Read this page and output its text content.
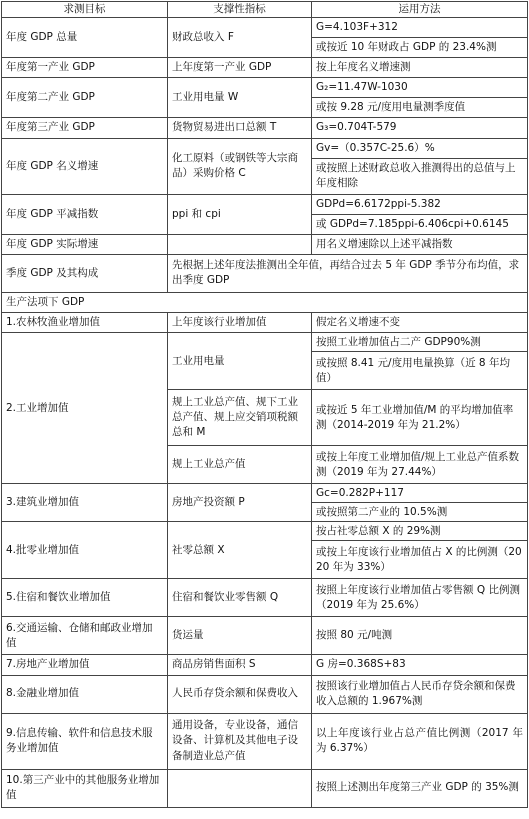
求测目标	支撑性指标	运用方法
年度 GDP 总量	财政总收入 F	G=4.103F+312
		或按近 10 年财政占 GDP 的 23.4%测
年度第一产业 GDP	上年度第一产业 GDP	按上年度名义增速测
年度第二产业 GDP	工业用电量 W	G₂=11.47W-1030
		或按 9.28 元/度用电量测季度值
年度第三产业 GDP	货物贸易进出口总额 T	G₃=0.704T-579
年度 GDP 名义增速	化工原料（或钢铁等大宗商品）采购价格 C	Gv=（0.357C-25.6）%
		或按照上述财政总收入推测得出的总值与上年度相除
年度 GDP 平减指数	ppi 和 cpi	GDPd=6.6172ppi-5.382
		或 GDPd=7.185ppi-6.406cpi+0.6145
年度 GDP 实际增速		用名义增速除以上述平减指数
季度 GDP 及其构成	先根据上述年度法推测出全年值，再结合过去 5 年 GDP 季节分布均值，求出季度 GDP	
生产法项下 GDP		
1.农林牧渔业增加值	上年度该行业增加值	假定名义增速不变
2.工业增加值	工业用电量	按照工业增加值占二产 GDP90%测
		或按照 8.41 元/度用电量换算（近 8 年均值）
	规上工业总产值、规下工业总产值、规上应交销项税额总和 M	或按近 5 年工业增加值/M 的平均增加值率测（2014-2019 年为 21.2%）
	规上工业总产值	或按上年度工业增加值/规上工业总产值系数测（2019 年为 27.44%）
3.建筑业增加值	房地产投资额 P	Gc=0.282P+117
		或按照第二产业的 10.5%测
4.批零业增加值	社零总额 X	按占社零总额 X 的 29%测
		或按上年度该行业增加值占 X 的比例测（2020 年为 33%）
5.住宿和餐饮业增加值	住宿和餐饮业零售额 Q	按照上年度该行业增加值占零售额 Q 比例测（2019 年为 25.6%）
6.交通运输、仓储和邮政业增加值	货运量	按照 80 元/吨测
7.房地产业增加值	商品房销售面积 S	G 房=0.368S+83
8.金融业增加值	人民币存贷余额和保费收入	按照该行业增加值占人民币存贷余额和保费收入总额的 1.967%测
9.信息传输、软件和信息技术服务业增加值	通用设备，专业设备，通信设备、计算机及其他电子设备制造业总产值	以上年度该行业占总产值比例测（2017 年为 6.37%）
10.第三产业中的其他服务业增加值		按照上述测出年度第三产业 GDP 的 35%测
